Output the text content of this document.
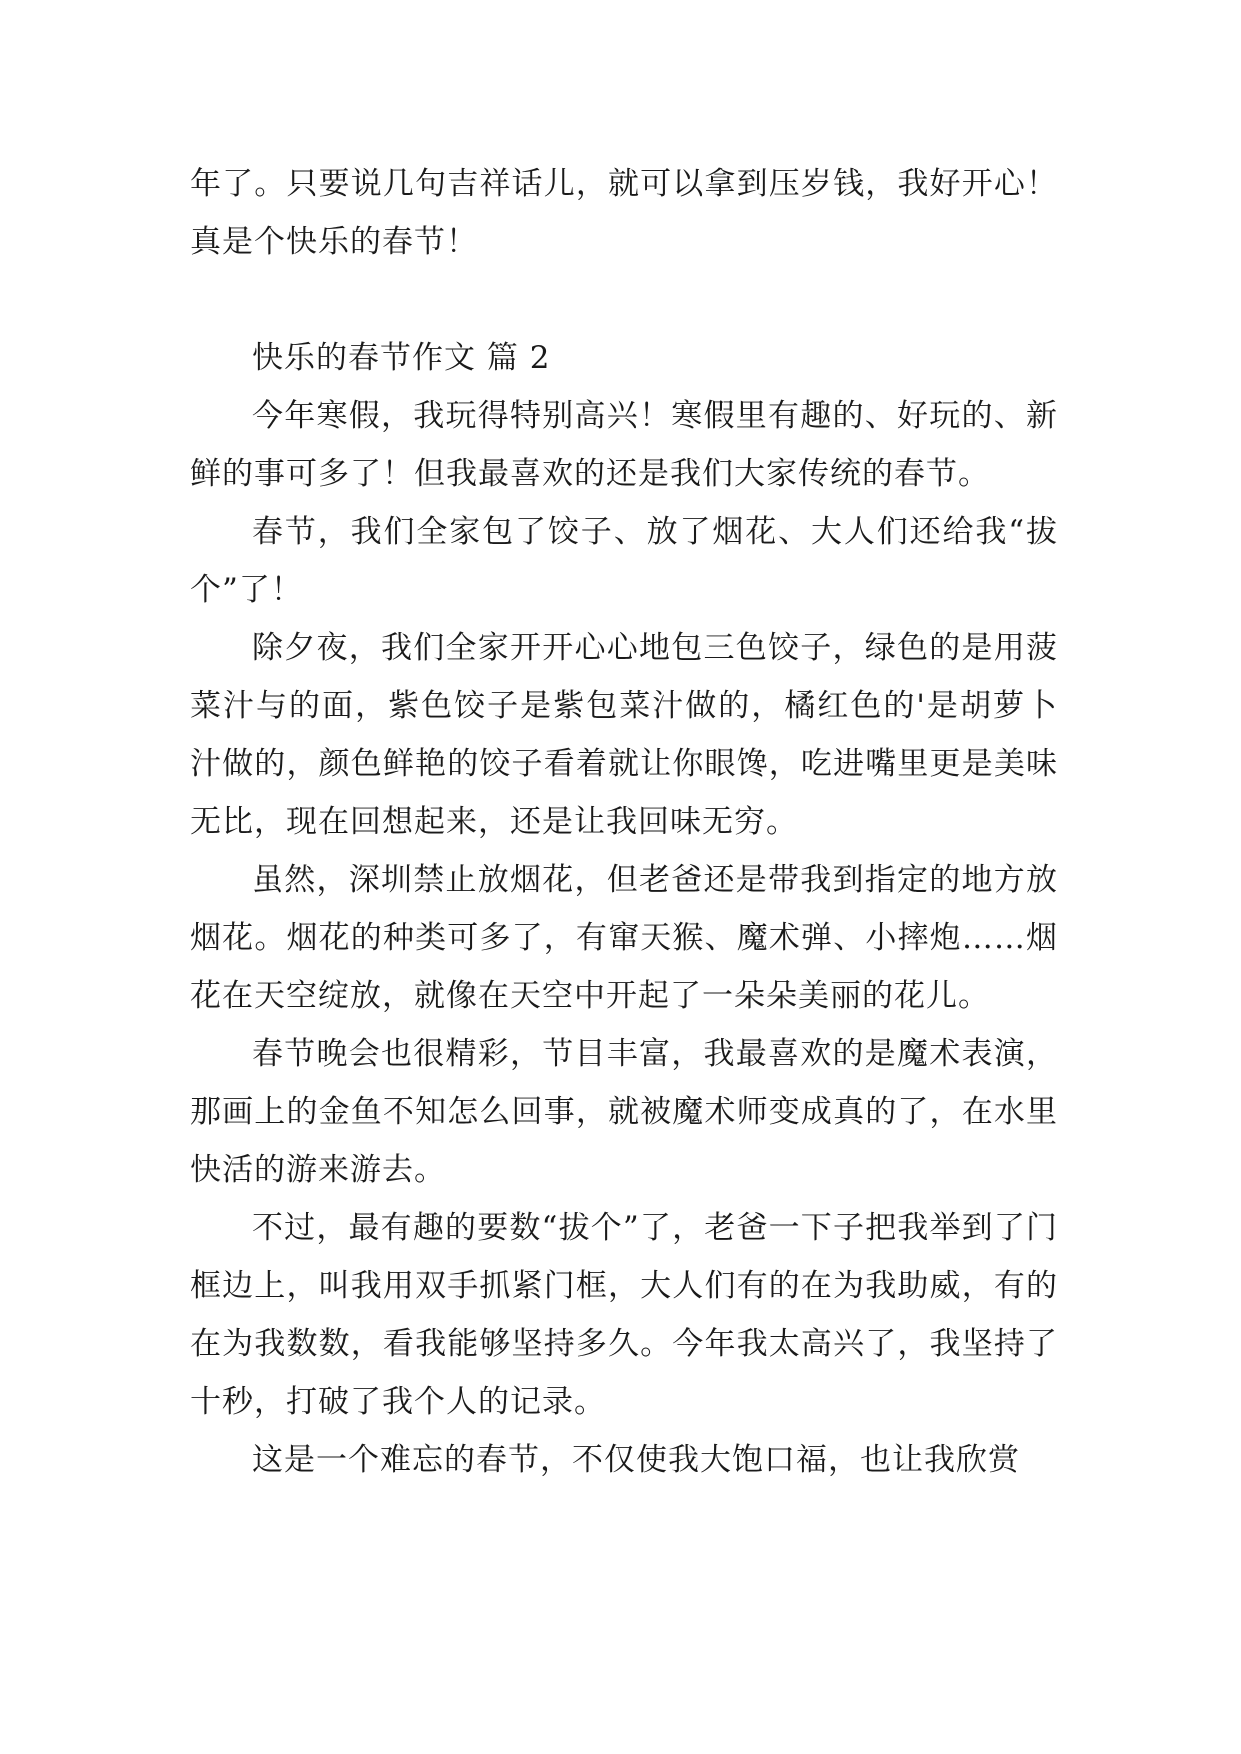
年了。只要说几句吉祥话儿，就可以拿到压岁钱，我好开心！真是个快乐的春节！

快乐的春节作文 篇 2

今年寒假，我玩得特别高兴！寒假里有趣的、好玩的、新鲜的事可多了！但我最喜欢的还是我们大家传统的春节。

春节，我们全家包了饺子、放了烟花、大人们还给我“拔个”了！

除夕夜，我们全家开开心心地包三色饺子，绿色的是用菠菜汁与的面，紫色饺子是紫包菜汁做的，橘红色的'是胡萝卜汁做的，颜色鲜艳的饺子看着就让你眼馋，吃进嘴里更是美味无比，现在回想起来，还是让我回味无穷。

虽然，深圳禁止放烟花，但老爸还是带我到指定的地方放烟花。烟花的种类可多了，有窜天猴、魔术弹、小摔炮……烟花在天空绽放，就像在天空中开起了一朵朵美丽的花儿。

春节晚会也很精彩，节目丰富，我最喜欢的是魔术表演，那画上的金鱼不知怎么回事，就被魔术师变成真的了，在水里快活的游来游去。

不过，最有趣的要数“拔个”了，老爸一下子把我举到了门框边上，叫我用双手抓紧门框，大人们有的在为我助威，有的在为我数数，看我能够坚持多久。今年我太高兴了，我坚持了十秒，打破了我个人的记录。

这是一个难忘的春节，不仅使我大饱口福，也让我欣赏
